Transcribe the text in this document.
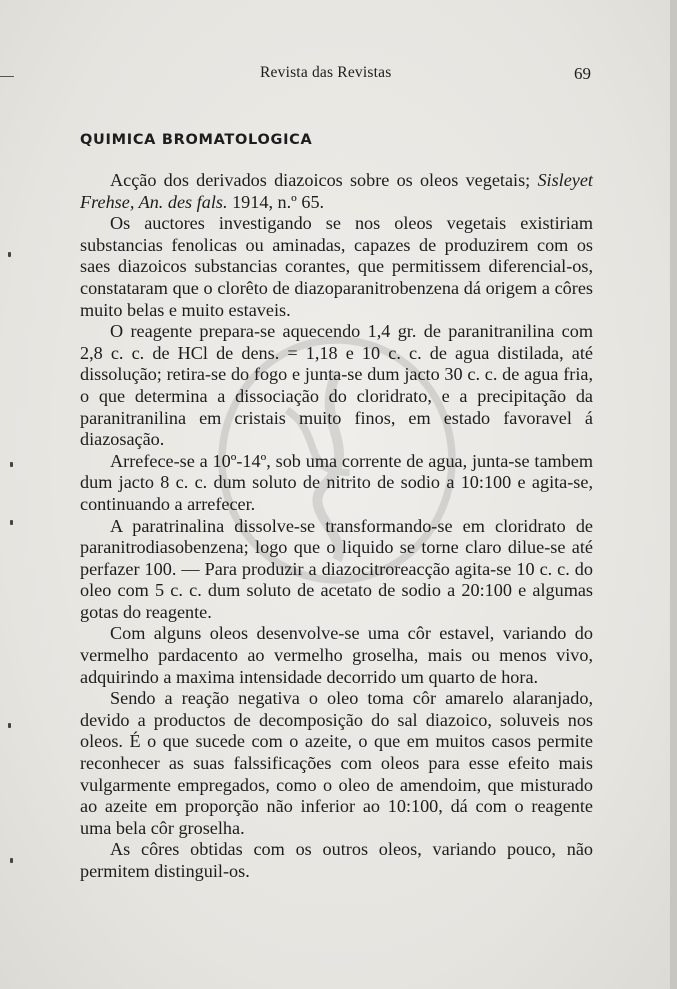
Revista das Revistas	69
QUIMICA BROMATOLOGICA

Acção dos derivados diazoicos sobre os oleos vegetais; Sisleyet Frehse, An. des fals. 1914, n.º 65.

Os auctores investigando se nos oleos vegetais existiriam substancias fenolicas ou aminadas, capazes de produzirem com os saes diazoicos substancias corantes, que permitissem diferencial-os, constataram que o clorêto de diazoparanitrobenzena dá origem a côres muito belas e muito estaveis.

O reagente prepara-se aquecendo 1,4 gr. de paranitranilina com 2,8 c. c. de HCl de dens. = 1,18 e 10 c. c. de agua distilada, até dissolução; retira-se do fogo e junta-se dum jacto 30 c. c. de agua fria, o que determina a dissociação do cloridrato, e a precipitação da paranitranilina em cristais muito finos, em estado favoravel á diazosação.

Arrefece-se a 10º-14º, sob uma corrente de agua, junta-se tambem dum jacto 8 c. c. dum soluto de nitrito de sodio a 10:100 e agita-se, continuando a arrefecer.

A paratrinalina dissolve-se transformando-se em cloridrato de paranitrodiasobenzena; logo que o liquido se torne claro dilue-se até perfazer 100. — Para produzir a diazocitroreacção agita-se 10 c. c. do oleo com 5 c. c. dum soluto de acetato de sodio a 20:100 e algumas gotas do reagente.

Com alguns oleos desenvolve-se uma côr estavel, variando do vermelho pardacento ao vermelho groselha, mais ou menos vivo, adquirindo a maxima intensidade decorrido um quarto de hora.

Sendo a reação negativa o oleo toma côr amarelo alaranjado, devido a productos de decomposição do sal diazoico, soluveis nos oleos. É o que sucede com o azeite, o que em muitos casos permite reconhecer as suas falssificações com oleos para esse efeito mais vulgarmente empregados, como o oleo de amendoim, que misturado ao azeite em proporção não inferior ao 10:100, dá com o reagente uma bela côr groselha.

As côres obtidas com os outros oleos, variando pouco, não permitem distinguil-os.
